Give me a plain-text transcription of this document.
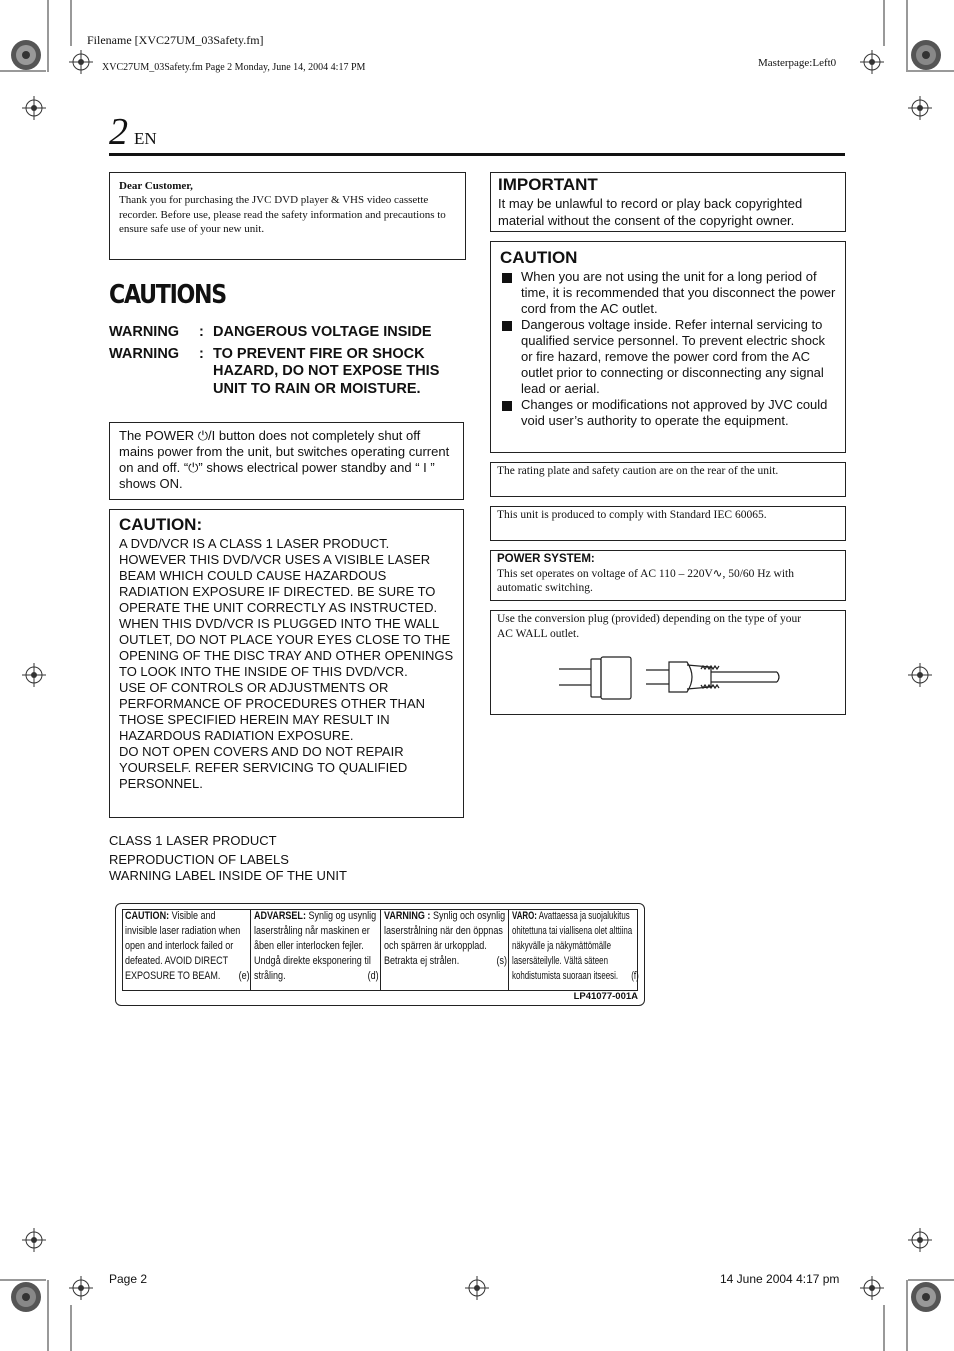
Filename [XVC27UM_03Safety.fm]
XVC27UM_03Safety.fm Page 2 Monday, June 14, 2004 4:17 PM	Masterpage:Left0
2 EN

Dear Customer,

Thank you for purchasing the JVC DVD player & VHS video cassette recorder. Before use, please read the safety information and precautions to ensure safe use of your new unit.

CAUTIONS
WARNING	: DANGEROUS VOLTAGE INSIDE
WARNING	: TO PREVENT FIRE OR SHOCK HAZARD, DO NOT EXPOSE THIS UNIT TO RAIN OR MOISTURE.

The POWER ⏻/I button does not completely shut off mains power from the unit, but switches operating current on and off. “⏻” shows electrical power standby and “ I ” shows ON.

CAUTION:

A DVD/VCR IS A CLASS 1 LASER PRODUCT. HOWEVER THIS DVD/VCR USES A VISIBLE LASER BEAM WHICH COULD CAUSE HAZARDOUS RADIATION EXPOSURE IF DIRECTED. BE SURE TO OPERATE THE UNIT CORRECTLY AS INSTRUCTED. WHEN THIS DVD/VCR IS PLUGGED INTO THE WALL OUTLET, DO NOT PLACE YOUR EYES CLOSE TO THE OPENING OF THE DISC TRAY AND OTHER OPENINGS TO LOOK INTO THE INSIDE OF THIS DVD/VCR.

USE OF CONTROLS OR ADJUSTMENTS OR PERFORMANCE OF PROCEDURES OTHER THAN THOSE SPECIFIED HEREIN MAY RESULT IN HAZARDOUS RADIATION EXPOSURE.

DO NOT OPEN COVERS AND DO NOT REPAIR YOURSELF. REFER SERVICING TO QUALIFIED PERSONNEL.

CLASS 1 LASER PRODUCT

REPRODUCTION OF LABELS

WARNING LABEL INSIDE OF THE UNIT

CAUTION: Visible and invisible laser radiation when open and interlock failed or defeated. AVOID DIRECT EXPOSURE TO BEAM. (e)
ADVARSEL: Synlig og usynlig laserstråling når maskinen er åben eller interlocken fejler. Undgå direkte eksponering til stråling.	(d)
VARNING : Synlig och osynlig laserstrålning när den öppnas och spärren är urkopplad. Betrakta ej strålen.	(s)
VARO: Avattaessa ja suojalukitus ohitettuna tai viallisena olet alttiina näkyvälle ja näkymättömälle lasersäteilylle. Vältä säteen kohdistumista suoraan itseesi. (f)
LP41077-001A

IMPORTANT

It may be unlawful to record or play back copyrighted material without the consent of the copyright owner.

CAUTION

When you are not using the unit for a long period of time, it is recommended that you disconnect the power cord from the AC outlet.
Dangerous voltage inside. Refer internal servicing to qualified service personnel. To prevent electric shock or fire hazard, remove the power cord from the AC outlet prior to connecting or disconnecting any signal lead or aerial.
Changes or modifications not approved by JVC could void user’s authority to operate the equipment.

The rating plate and safety caution are on the rear of the unit.

This unit is produced to comply with Standard IEC 60065.

POWER SYSTEM:

This set operates on voltage of AC 110 – 220V∿, 50/60 Hz with automatic switching.

Use the conversion plug (provided) depending on the type of your AC WALL outlet.

Page 2	14 June 2004 4:17 pm
